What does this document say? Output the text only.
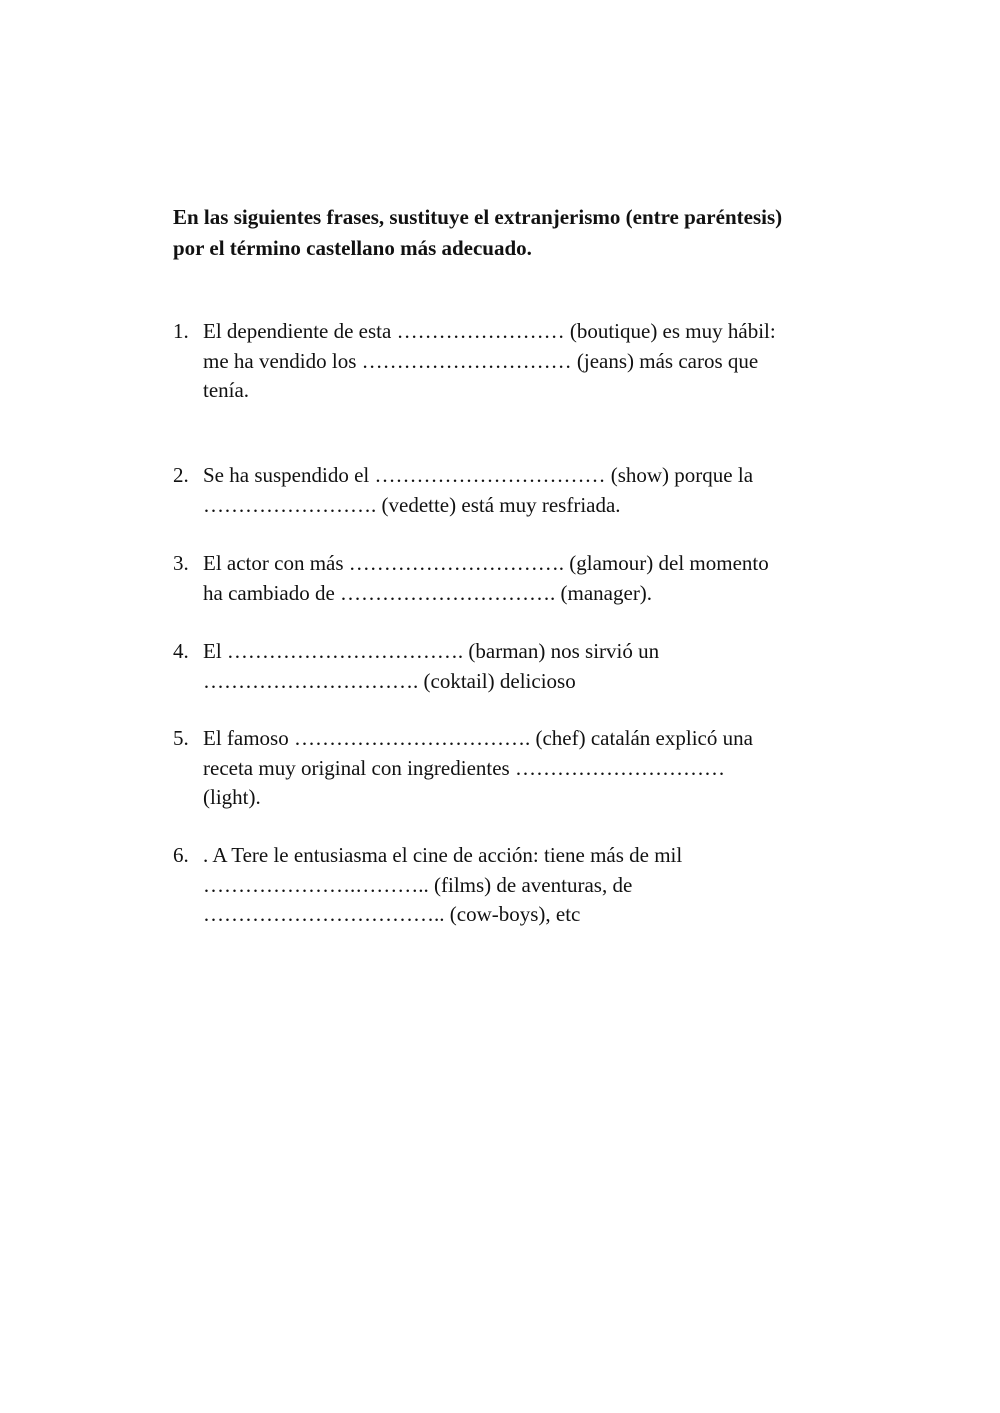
En las siguientes frases, sustituye el extranjerismo (entre paréntesis)
por el término castellano más adecuado.
1. El dependiente de esta …………………… (boutique) es muy hábil:
me ha vendido los ………………………… (jeans) más caros que
tenía.
2. Se ha suspendido el …………………………… (show) porque la
……………………. (vedette) está muy resfriada.
3. El actor con más …………………………. (glamour) del momento
ha cambiado de …………………………. (manager).
4. El ……………………………. (barman) nos sirvió un
…………………………. (coktail) delicioso
5. El famoso ……………………………. (chef) catalán explicó una
receta muy original con ingredientes …………………………
(light).
6. . A Tere le entusiasma el cine de acción: tiene más de mil
………………….……….. (films) de aventuras, de
…………………………….. (cow-boys), etc
